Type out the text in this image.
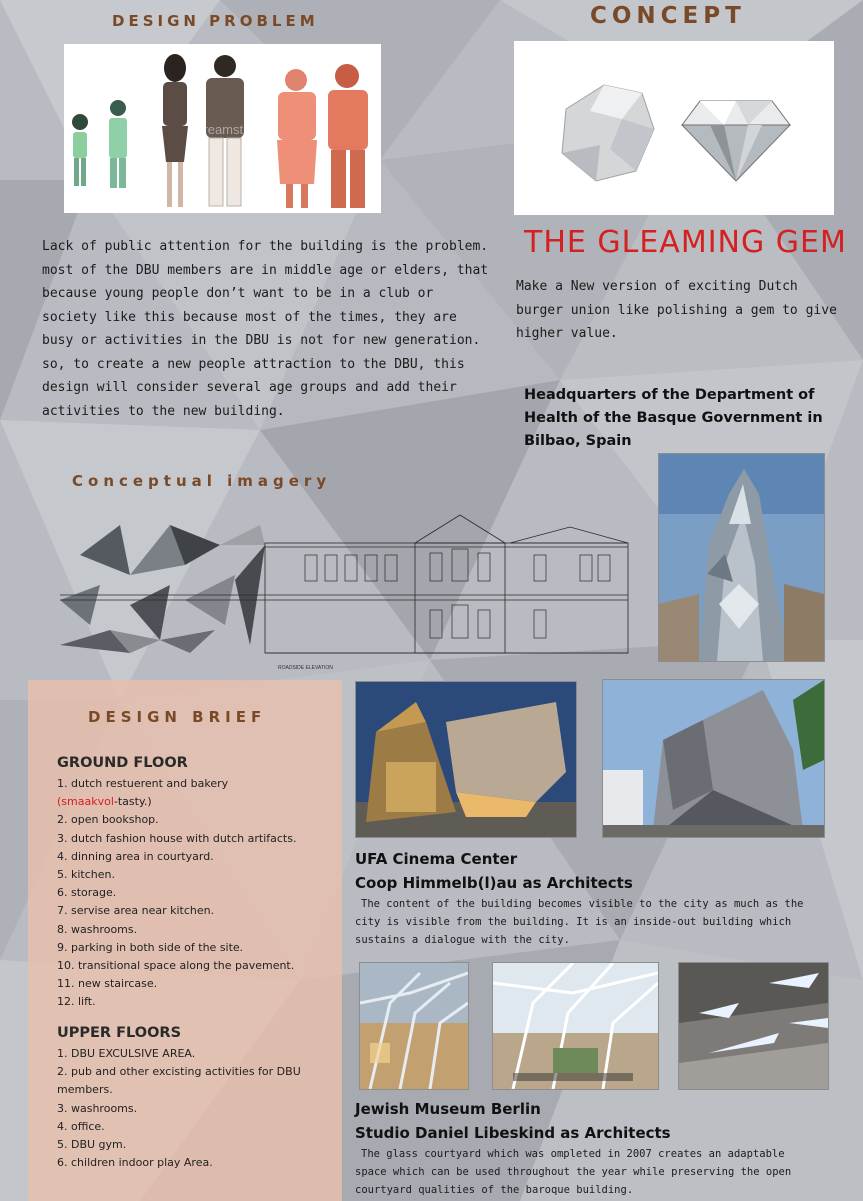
DESIGN PROBLEM
Dreamstime
Lack of public attention for the building is the problem. most of the DBU members are in middle age or elders, that because young people don’t want to be in a club or society like this because most of the times, they are busy or activities in the DBU is not for new generation. so, to create a new people attraction to the DBU, this design will consider several age groups and add their activities to the new building.
CONCEPT
THE GLEAMING GEM
Make a New version of exciting Dutch burger union like polishing a gem to give higher value.
Headquarters of the Department of Health of the Basque Government in Bilbao, Spain
Conceptual imagery
ROADSIDE ELEVATION
DESIGN BRIEF
GROUND FLOOR
1. dutch restuerent and bakery
(smaakvol-tasty.)
2. open bookshop.
3. dutch fashion house with dutch artifacts.
4. dinning area in courtyard.
5. kitchen.
6. storage.
7. servise area near kitchen.
8. washrooms.
9. parking in both side of the site.
10. transitional space along the pavement.
11. new staircase.
12. lift.
UPPER FLOORS
1. DBU EXCULSIVE AREA.
2. pub and other excisting activities for DBU members.
3. washrooms.
4. office.
5. DBU gym.
6. children indoor play Area.
UFA Cinema Center
Coop Himmelb(l)au as Architects
The content of the building becomes visible to the city as much as the city is visible from the building. It is an inside-out building which sustains a dialogue with the city.
Jewish Museum Berlin
Studio Daniel Libeskind as Architects
The glass courtyard which was ompleted in 2007 creates an adaptable space which can be used throughout the year while preserving the open courtyard qualities of the baroque building.
